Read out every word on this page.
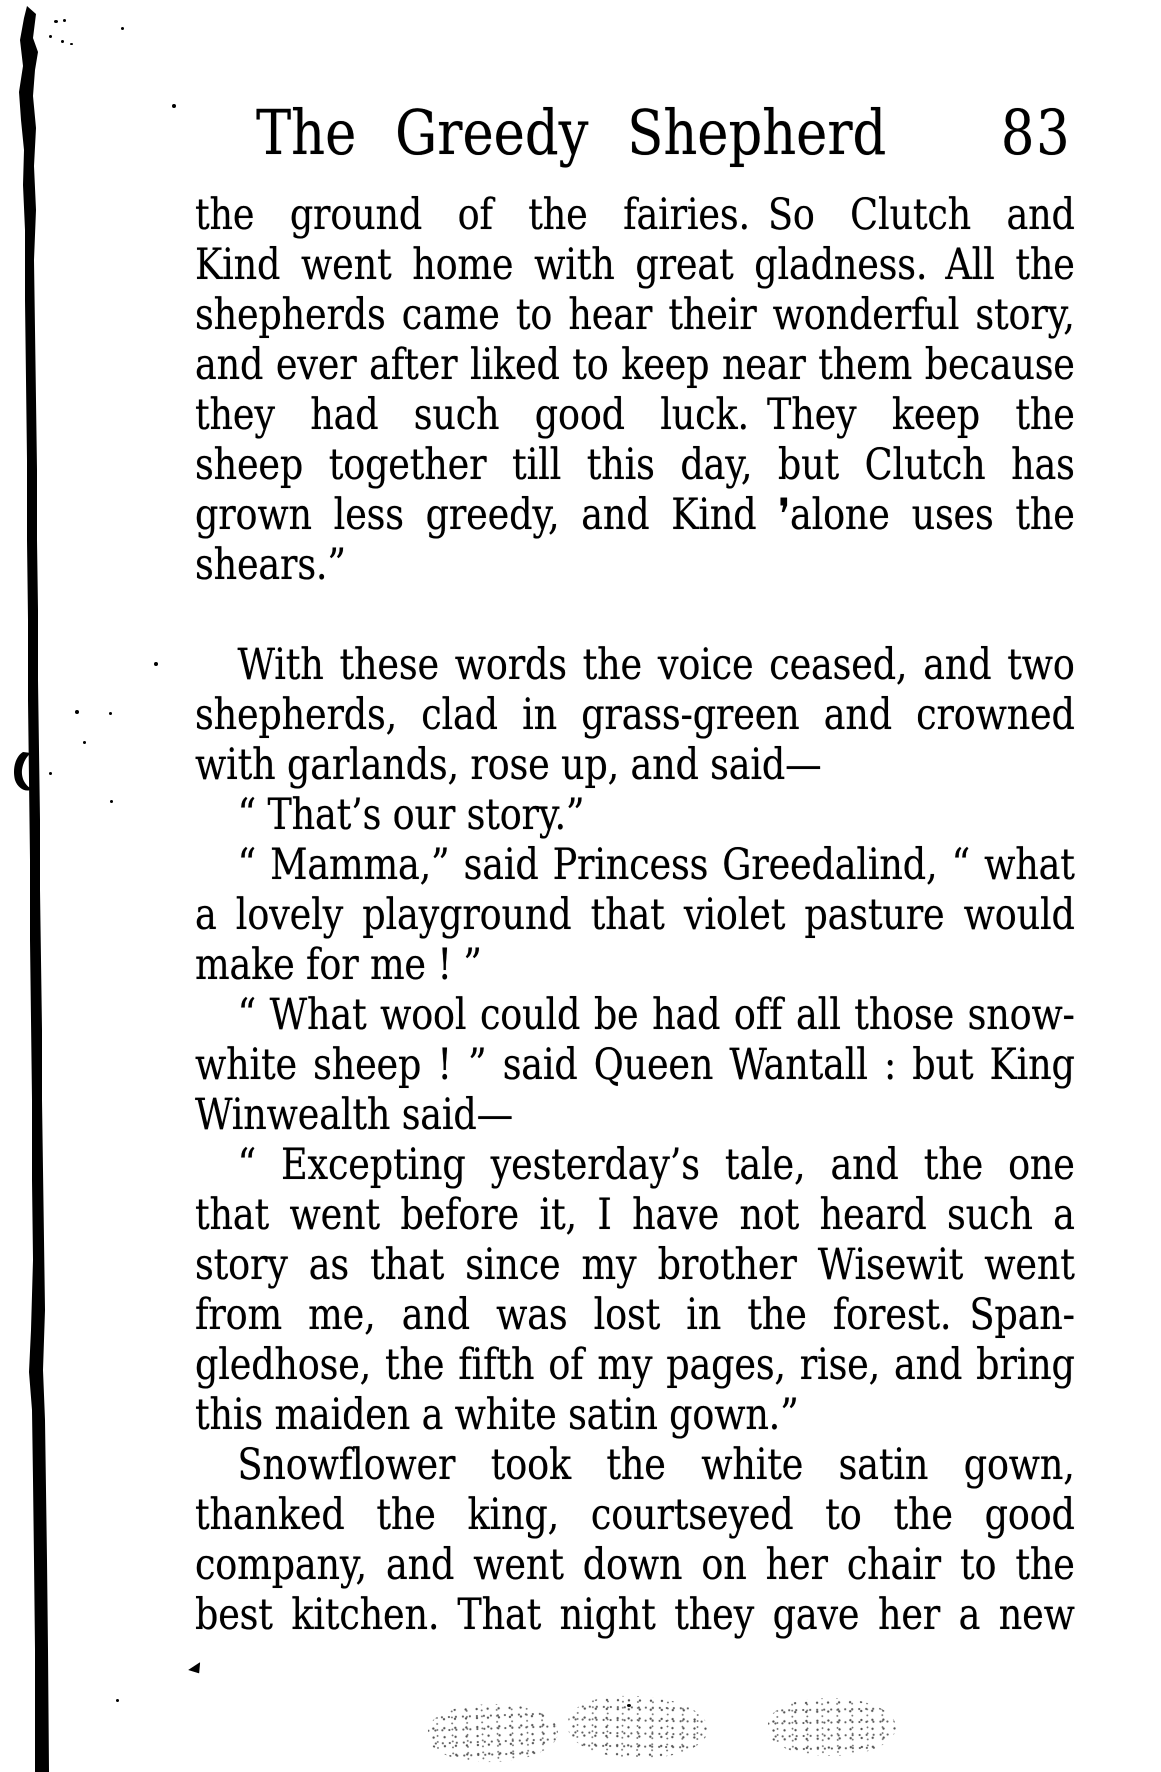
The Greedy Shepherd 83
the ground of the fairies. So Clutch and
Kind went home with great gladness. All the
shepherds came to hear their wonderful story,
and ever after liked to keep near them because
they had such good luck. They keep the
sheep together till this day, but Clutch has
grown less greedy, and Kind ❜alone uses the
shears.”
With these words the voice ceased, and two
shepherds, clad in grass-green and crowned
with garlands, rose up, and said—
“ That’s our story.”
“ Mamma,” said Princess Greedalind, “ what
a lovely playground that violet pasture would
make for me ! ”
“ What wool could be had off all those snow-
white sheep ! ” said Queen Wantall : but King
Winwealth said—
“ Excepting yesterday’s tale, and the one
that went before it, I have not heard such a
story as that since my brother Wisewit went
from me, and was lost in the forest. Span-
gledhose, the fifth of my pages, rise, and bring
this maiden a white satin gown.”
Snowflower took the white satin gown,
thanked the king, courtseyed to the good
company, and went down on her chair to the
best kitchen. That night they gave her a new
